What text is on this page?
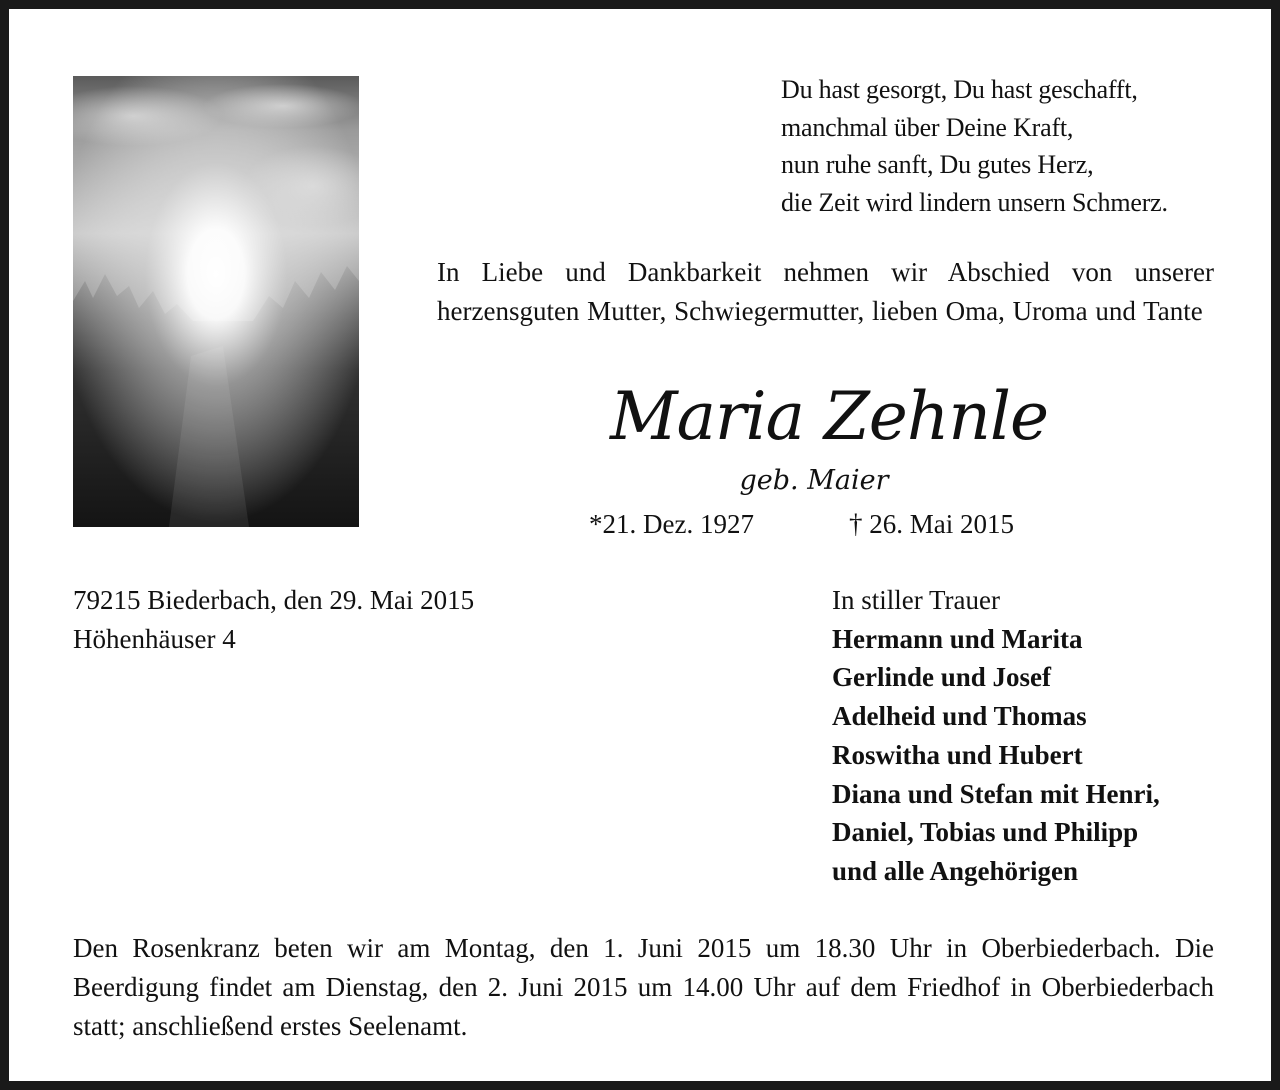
Du hast gesorgt, Du hast geschafft,
manchmal über Deine Kraft,
nun ruhe sanft, Du gutes Herz,
die Zeit wird lindern unsern Schmerz.
In Liebe und Dankbarkeit nehmen wir Abschied von unserer herzensguten Mutter, Schwiegermutter, lieben Oma, Uroma und Tante
Maria Zehnle
geb. Maier
*21. Dez. 1927	† 26. Mai 2015
79215 Biederbach, den 29. Mai 2015
Höhenhäuser 4
In stiller Trauer
Hermann und Marita
Gerlinde und Josef
Adelheid und Thomas
Roswitha und Hubert
Diana und Stefan mit Henri,
Daniel, Tobias und Philipp
und alle Angehörigen
Den Rosenkranz beten wir am Montag, den 1. Juni 2015 um 18.30 Uhr in Oberbiederbach. Die Beerdigung findet am Dienstag, den 2. Juni 2015 um 14.00 Uhr auf dem Friedhof in Oberbiederbach statt; anschließend erstes Seelenamt.
